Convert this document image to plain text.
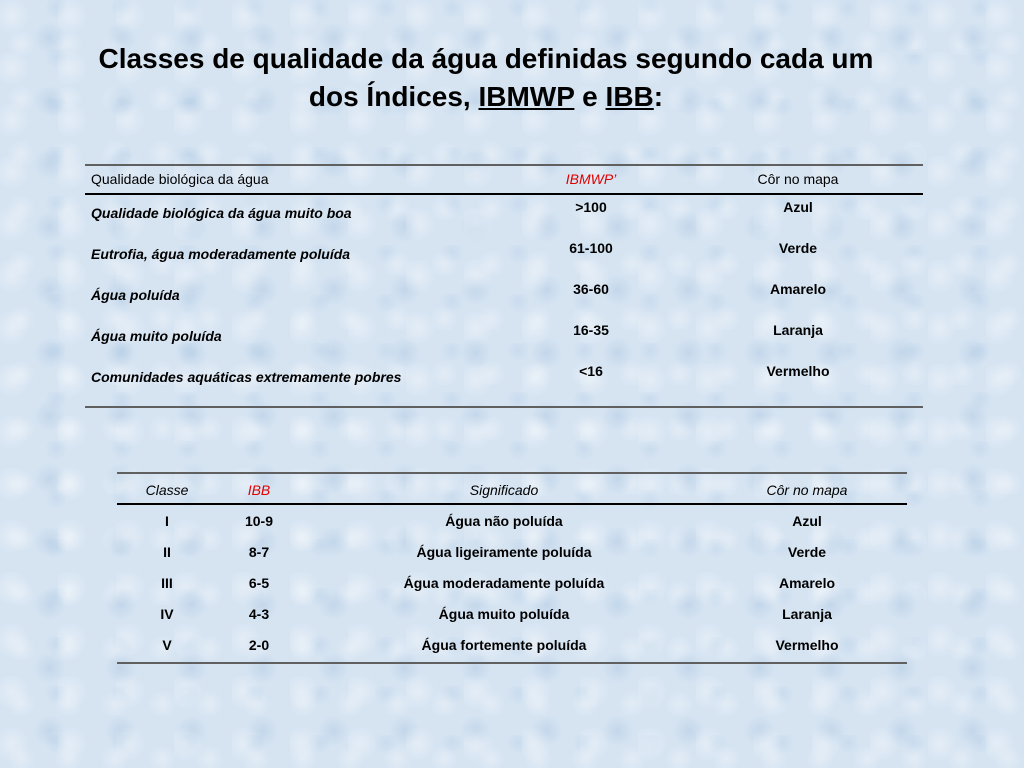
Classes de qualidade da água definidas segundo cada um
dos Índices, IBMWP e IBB:
Qualidade biológica da água	IBMWP’	Côr no mapa
Qualidade biológica da água muito boa	>100	Azul
Eutrofia, água moderadamente poluída	61-100	Verde
Água poluída	36-60	Amarelo
Água muito poluída	16-35	Laranja
Comunidades aquáticas extremamente pobres	<16	Vermelho
Classe	IBB	Significado	Côr no mapa
I	10-9	Água não poluída	Azul
II	8-7	Água ligeiramente poluída	Verde
III	6-5	Água moderadamente poluída	Amarelo
IV	4-3	Água muito poluída	Laranja
V	2-0	Água fortemente poluída	Vermelho
